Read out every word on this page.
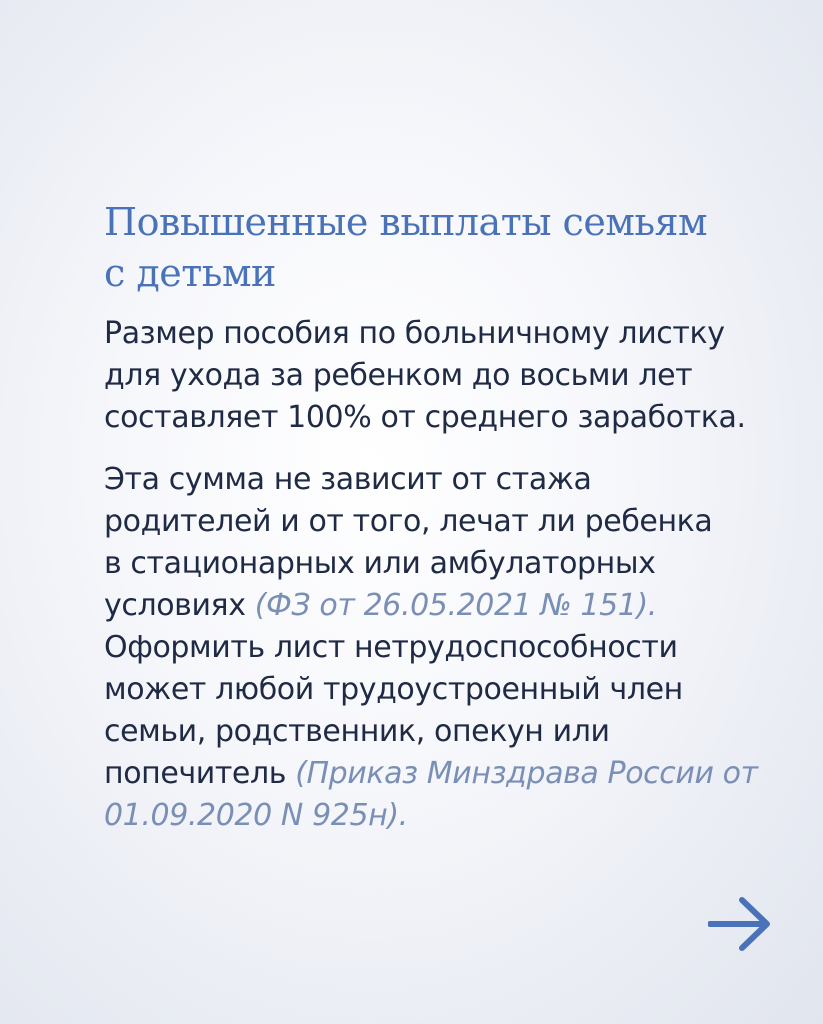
Повышенные выплаты семьям
с детьми

Размер пособия по больничному листку
для ухода за ребенком до восьми лет
составляет 100% от среднего заработка.

Эта сумма не зависит от стажа
родителей и от того, лечат ли ребенка
в стационарных или амбулаторных
условиях (ФЗ от 26.05.2021 № 151).
Оформить лист нетрудоспособности
может любой трудоустроенный член
семьи, родственник, опекун или
попечитель (Приказ Минздрава России от
01.09.2020 N 925н).
